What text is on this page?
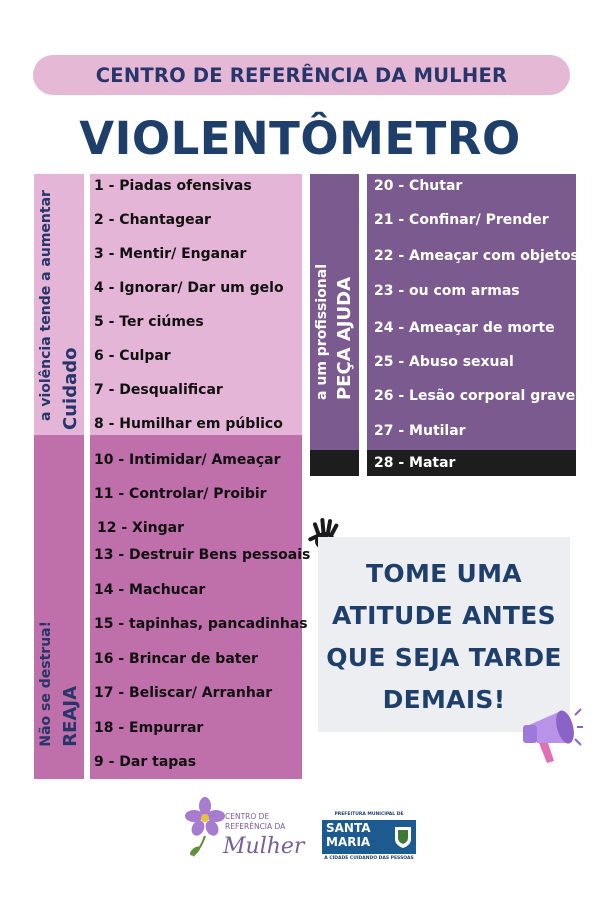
CENTRO DE REFERÊNCIA DA MULHER
VIOLENTÔMETRO
Cuidado
a violência tende a aumentar
1 - Piadas ofensivas
2 - Chantagear
3 - Mentir/ Enganar
4 - Ignorar/ Dar um gelo
5 - Ter ciúmes
6 - Culpar
7 - Desqualificar
8 - Humilhar em público
REAJA
Não se destrua!
10 - Intimidar/ Ameaçar
11 - Controlar/ Proibir
12 - Xingar
13 - Destruir Bens pessoais
14 - Machucar
15 - tapinhas, pancadinhas
16 - Brincar de bater
17 - Beliscar/ Arranhar
18 - Empurrar
9 - Dar tapas
PEÇA AJUDA
a um profissional
20 - Chutar
21 - Confinar/ Prender
22 - Ameaçar com objetos
23 - ou com armas
24 - Ameaçar de morte
25 - Abuso sexual
26 - Lesão corporal grave
27 - Mutilar
28 - Matar
TOME UMA
ATITUDE ANTES
QUE SEJA TARDE
DEMAIS!
CENTRO DE
REFERÊNCIA DA
Mulher
PREFEITURA MUNICIPAL DE
SANTA
MARIA
A CIDADE CUIDANDO DAS PESSOAS
